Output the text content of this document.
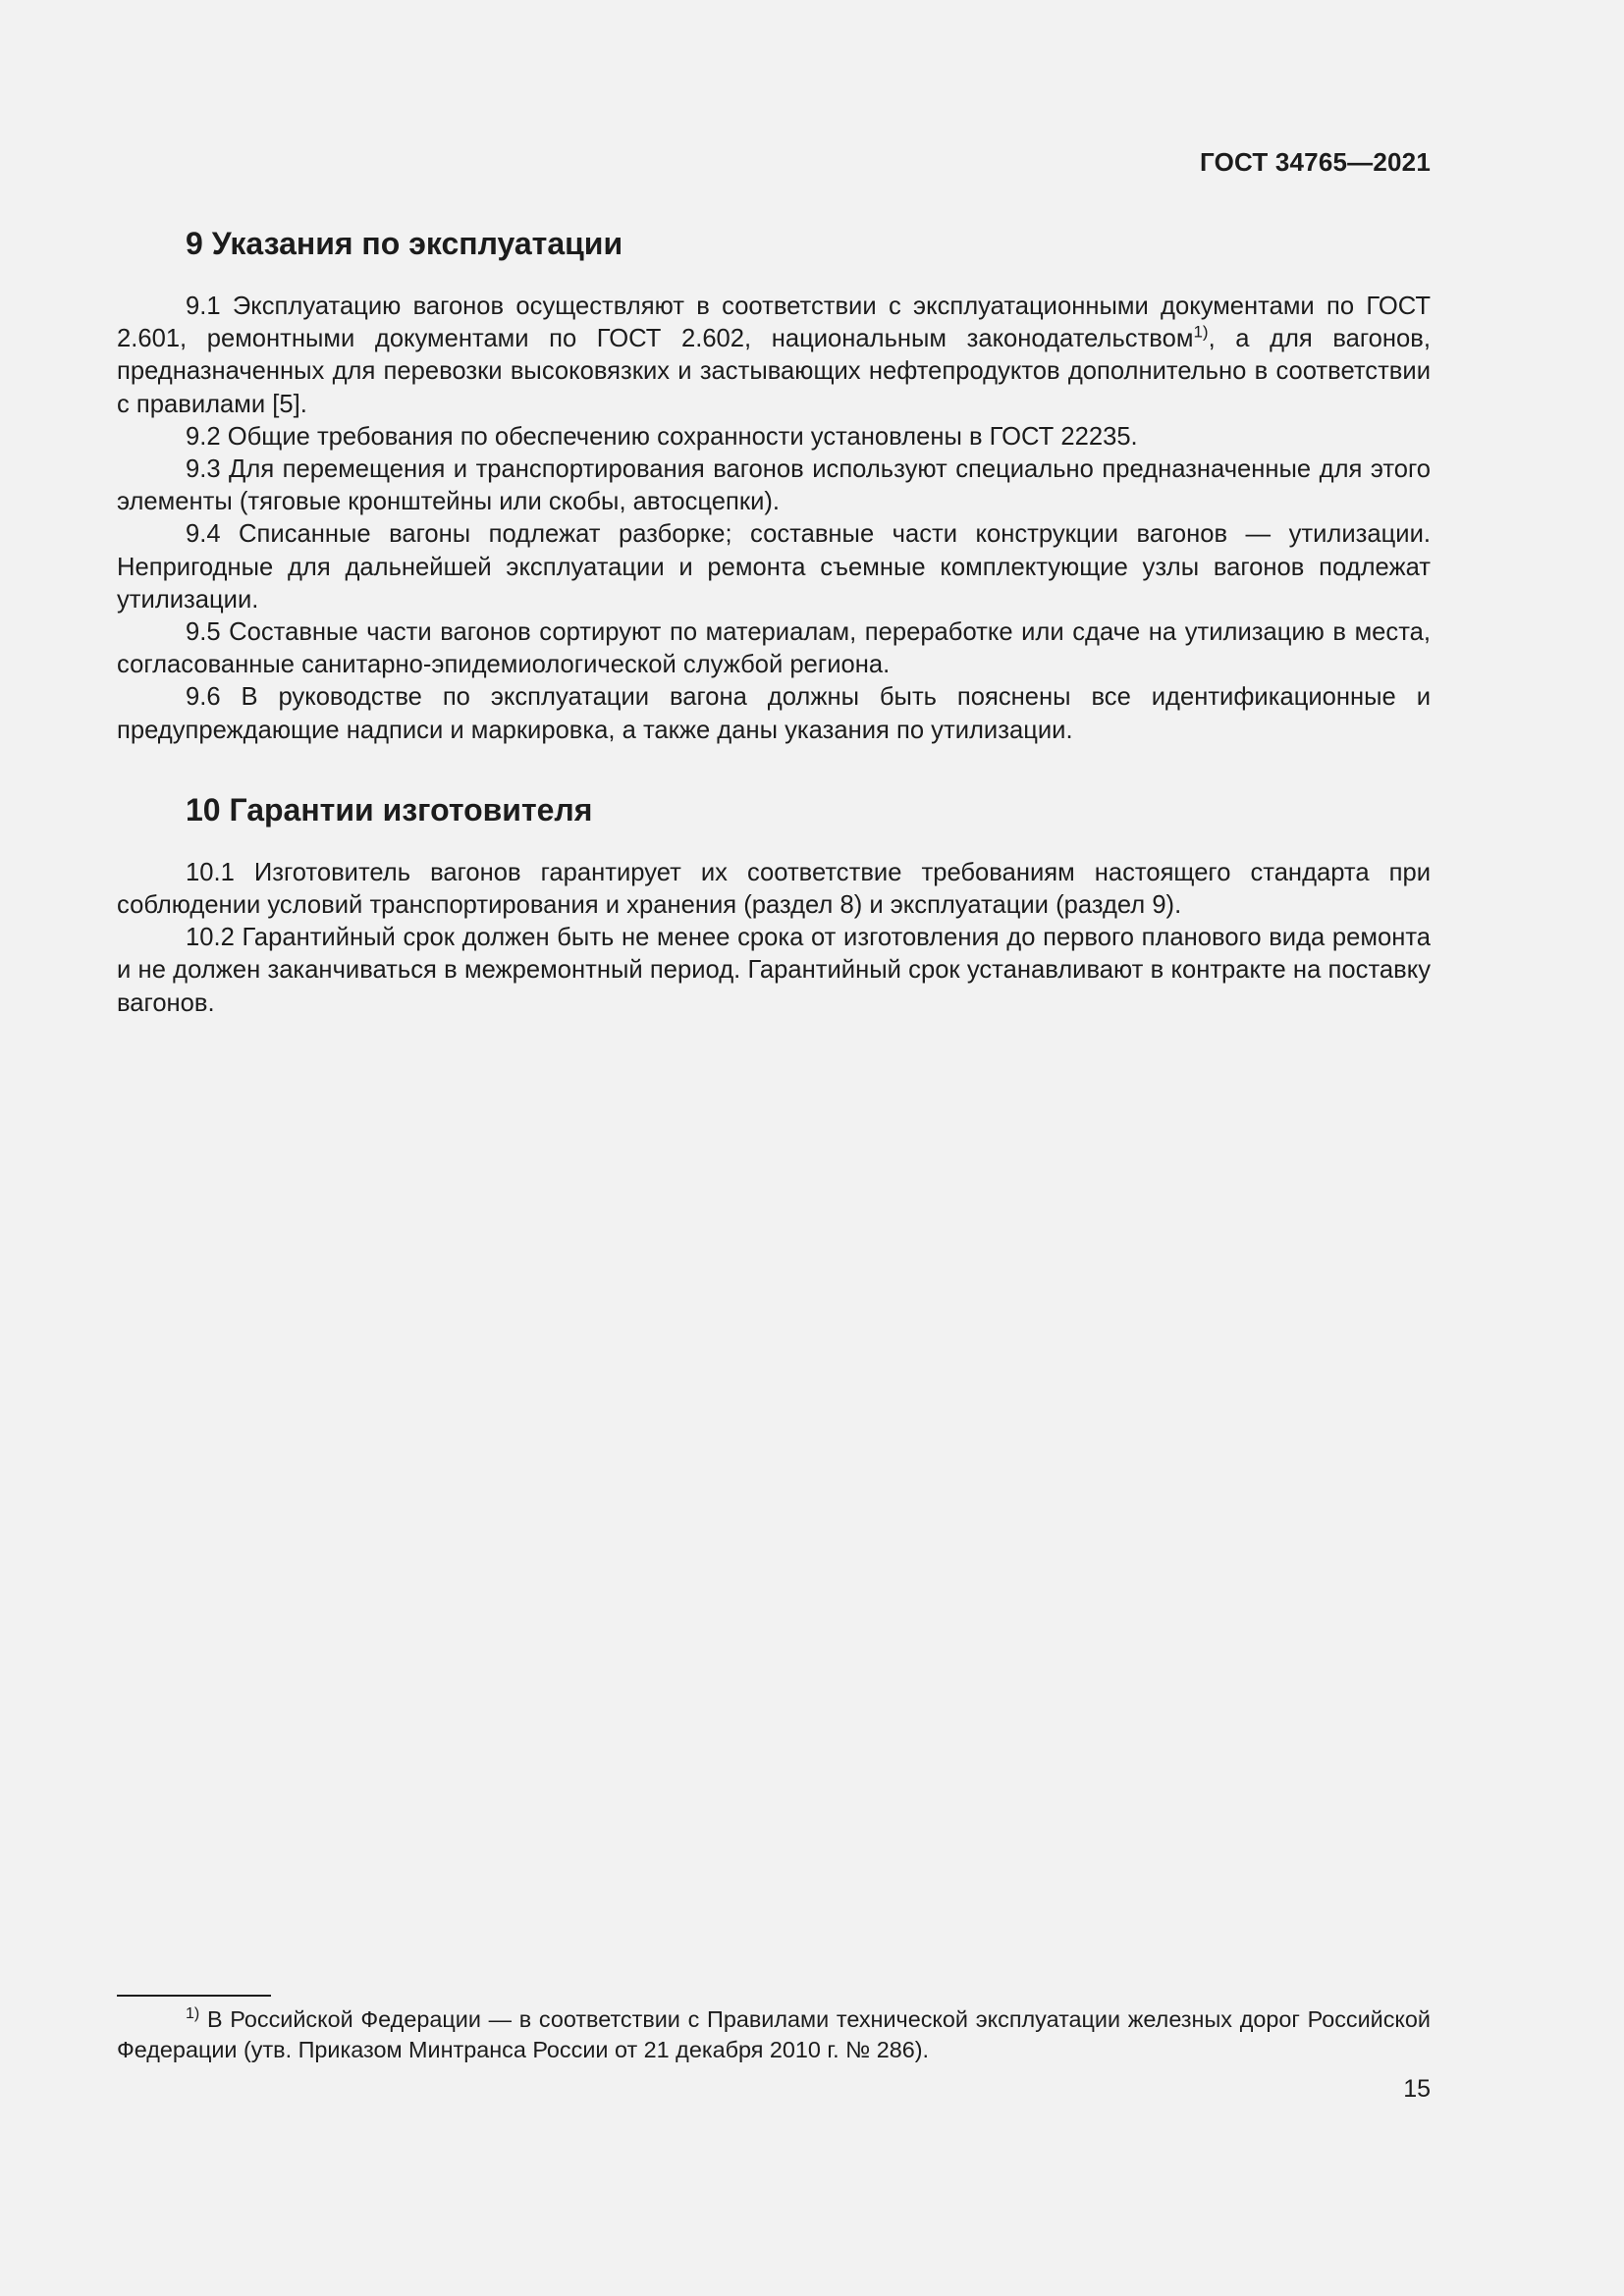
ГОСТ 34765—2021
9 Указания по эксплуатации

9.1 Эксплуатацию вагонов осуществляют в соответствии с эксплуатационными документами по ГОСТ 2.601, ремонтными документами по ГОСТ 2.602, национальным законодательством$^{1)}$, а для вагонов, предназначенных для перевозки высоковязких и застывающих нефтепродуктов дополнительно в соответствии с правилами [5].

9.2 Общие требования по обеспечению сохранности установлены в ГОСТ 22235.

9.3 Для перемещения и транспортирования вагонов используют специально предназначенные для этого элементы (тяговые кронштейны или скобы, автосцепки).

9.4 Списанные вагоны подлежат разборке; составные части конструкции вагонов — утилизации. Непригодные для дальнейшей эксплуатации и ремонта съемные комплектующие узлы вагонов подлежат утилизации.

9.5 Составные части вагонов сортируют по материалам, переработке или сдаче на утилизацию в места, согласованные санитарно-эпидемиологической службой региона.

9.6 В руководстве по эксплуатации вагона должны быть пояснены все идентификационные и предупреждающие надписи и маркировка, а также даны указания по утилизации.

10 Гарантии изготовителя

10.1 Изготовитель вагонов гарантирует их соответствие требованиям настоящего стандарта при соблюдении условий транспортирования и хранения (раздел 8) и эксплуатации (раздел 9).

10.2 Гарантийный срок должен быть не менее срока от изготовления до первого планового вида ремонта и не должен заканчиваться в межремонтный период. Гарантийный срок устанавливают в контракте на поставку вагонов.

$^{1)}$ В Российской Федерации — в соответствии с Правилами технической эксплуатации железных дорог Российской Федерации (утв. Приказом Минтранса России от 21 декабря 2010 г. № 286).

15
